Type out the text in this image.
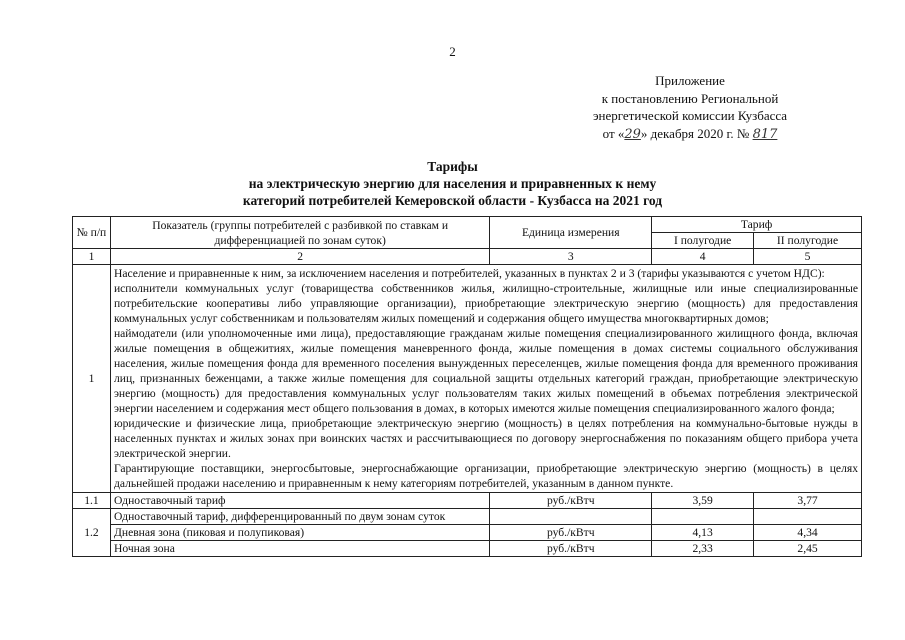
2
Приложение
к постановлению Региональной
энергетической комиссии Кузбасса
от «29» декабря 2020 г. № 817
Тарифы
на электрическую энергию для населения и приравненных к нему
категорий потребителей Кемеровской области - Кузбасса на 2021 год
№ п/п	Показатель (группы потребителей с разбивкой по ставкам и дифференциацией по зонам суток)	Единица измерения	Тариф	
			I полугодие	II полугодие
1	2	3	4	5
1	Население и приравненные к ним, за исключением населения и потребителей, указанных в пунктах 2 и 3 (тарифы указываются с учетом НДС):

исполнители коммунальных услуг (товарищества собственников жилья, жилищно-строительные, жилищные или иные специализированные потребительские кооперативы либо управляющие организации), приобретающие электрическую энергию (мощность) для предоставления коммунальных услуг собственникам и пользователям жилых помещений и содержания общего имущества многоквартирных домов;

наймодатели (или уполномоченные ими лица), предоставляющие гражданам жилые помещения специализированного жилищного фонда, включая жилые помещения в общежитиях, жилые помещения маневренного фонда, жилые помещения в домах системы социального обслуживания населения, жилые помещения фонда для временного поселения вынужденных переселенцев, жилые помещения фонда для временного проживания лиц, признанных беженцами, а также жилые помещения для социальной защиты отдельных категорий граждан, приобретающие электрическую энергию (мощность) для предоставления коммунальных услуг пользователям таких жилых помещений в объемах потребления электрической энергии населением и содержания мест общего пользования в домах, в которых имеются жилые помещения специализированного жалого фонда;

юридические и физические лица, приобретающие электрическую энергию (мощность) в целях потребления на коммунально-бытовые нужды в населенных пунктах и жилых зонах при воинских частях и рассчитывающиеся по договору энергоснабжения по показаниям общего прибора учета электрической энергии.

Гарантирующие поставщики, энергосбытовые, энергоснабжающие организации, приобретающие электрическую энергию (мощность) в целях дальнейшей продажи населению и приравненным к нему категориям потребителей, указанным в данном пункте.			

1.1	Одноставочный тариф	руб./кВтч	3,59	3,77
1.2	Одноставочный тариф, дифференцированный по двум зонам суток			
	Дневная зона (пиковая и полупиковая)	руб./кВтч	4,13	4,34
	Ночная зона	руб./кВтч	2,33	2,45
